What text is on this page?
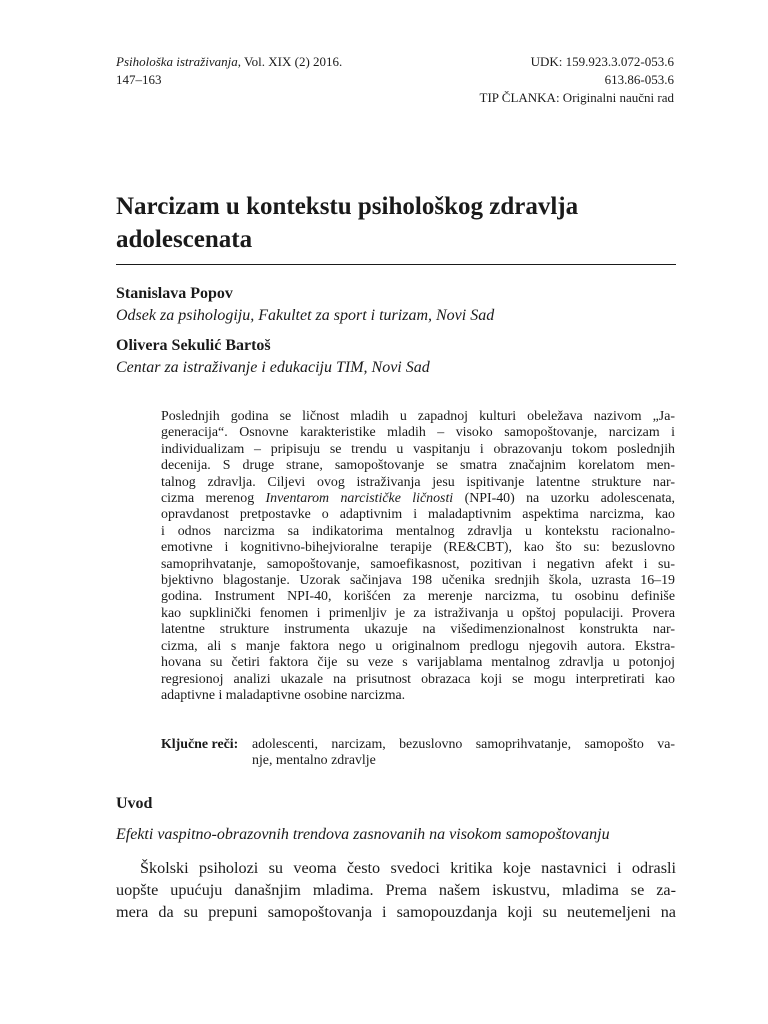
Psihološka istraživanja, Vol. XIX (2) 2016.
147–163
UDK: 159.923.3.072-053.6
613.86-053.6
TIP ČLANKA: Originalni naučni rad
Narcizam u kontekstu psihološkog zdravlja
adolescenata
Stanislava Popov
Odsek za psihologiju, Fakultet za sport i turizam, Novi Sad
Olivera Sekulić Bartoš
Centar za istraživanje i edukaciju TIM, Novi Sad
Poslednjih godina se ličnost mladih u zapadnoj kulturi obeležava nazivom „Ja-
generacija“. Osnovne karakteristike mladih – visoko samopoštovanje, narcizam i
individualizam – pripisuju se trendu u vaspitanju i obrazovanju tokom poslednjih
decenija. S druge strane, samopoštovanje se smatra značajnim korelatom men-
talnog zdravlja. Ciljevi ovog istraživanja jesu ispitivanje latentne strukture nar-
cizma merenog Inventarom narcističke ličnosti (NPI-40) na uzorku adolescenata,
opravdanost pretpostavke o adaptivnim i maladaptivnim aspektima narcizma, kao
i odnos narcizma sa indikatorima mentalnog zdravlja u kontekstu racionalno-
emotivne i kognitivno-bihejvioralne terapije (RE&CBT), kao što su: bezuslovno
samoprihvatanje, samopoštovanje, samoefikasnost, pozitivan i negativn afekt i su-
bjektivno blagostanje. Uzorak sačinjava 198 učenika srednjih škola, uzrasta 16–19
godina. Instrument NPI-40, korišćen za merenje narcizma, tu osobinu definiše
kao supklinički fenomen i primenljiv je za istraživanja u opštoj populaciji. Provera
latentne strukture instrumenta ukazuje na višedimenzionalnost konstrukta nar-
cizma, ali s manje faktora nego u originalnom predlogu njegovih autora. Ekstra-
hovana su četiri faktora čije su veze s varijablama mentalnog zdravlja u potonjoj
regresionoj analizi ukazale na prisutnost obrazaca koji se mogu interpretirati kao
adaptivne i maladaptivne osobine narcizma.
Ključne reči: adolescenti, narcizam, bezuslovno samoprihvatanje, samopošto va-
nje, mentalno zdravlje
Uvod
Efekti vaspitno-obrazovnih trendova zasnovanih na visokom samopoštovanju
Školski psiholozi su veoma često svedoci kritika koje nastavnici i odrasli
uopšte upućuju današnjim mladima. Prema našem iskustvu, mladima se za-
mera da su prepuni samopoštovanja i samopouzdanja koji su neutemeljeni na
